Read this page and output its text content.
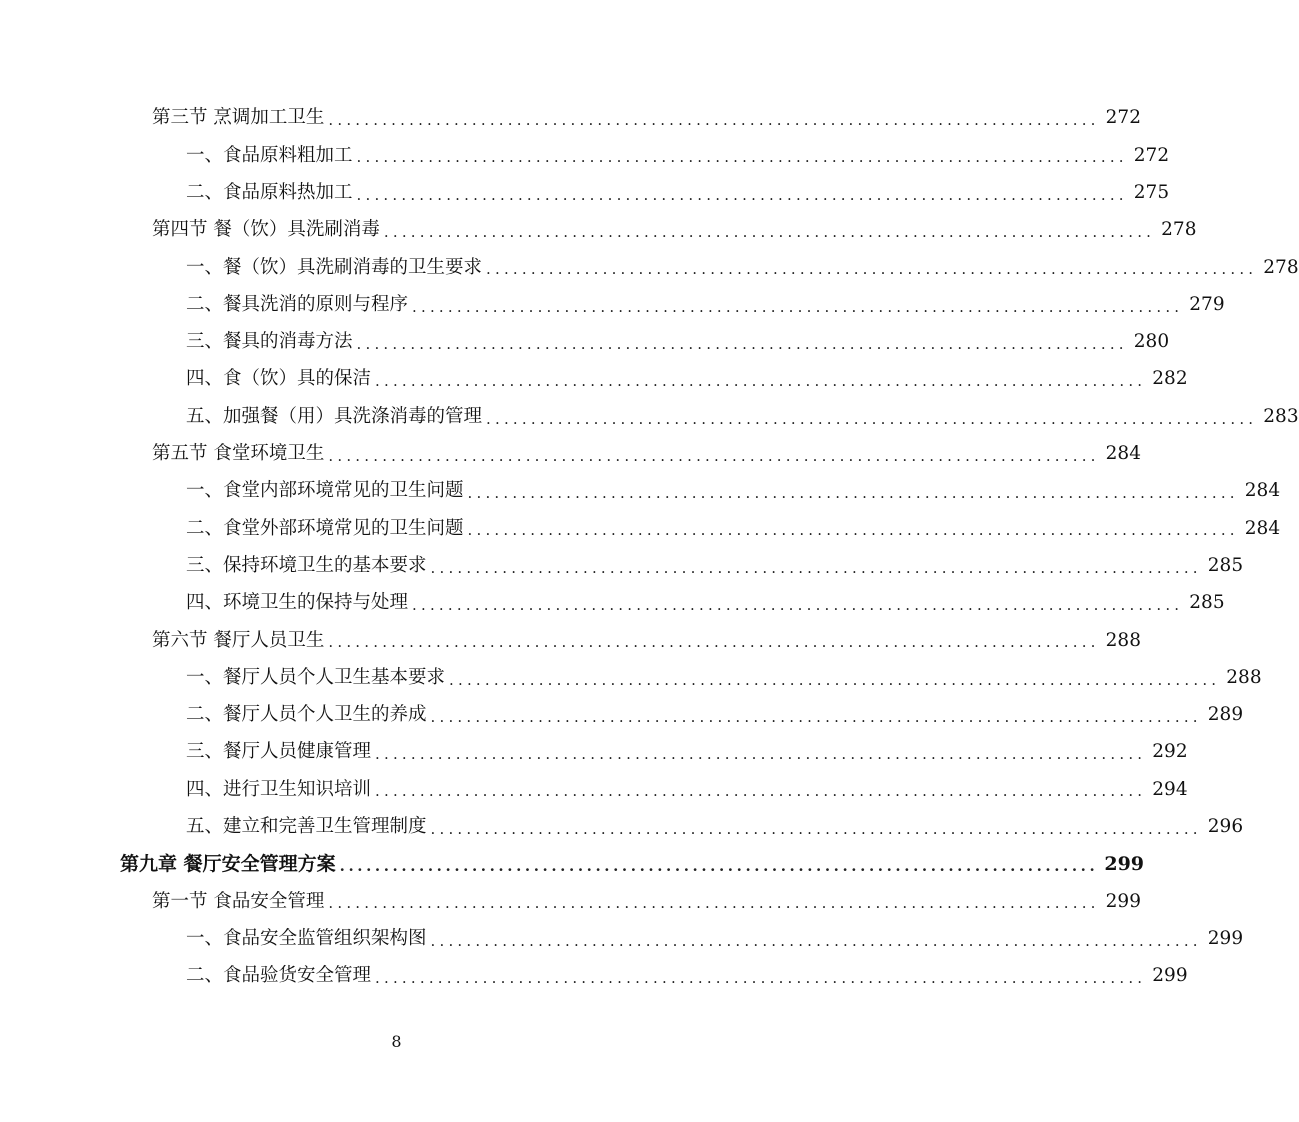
第三节 烹调加工卫生 ...................................................................................... 272
一、食品原料粗加工 ...................................................................................... 272
二、食品原料热加工 ...................................................................................... 275
第四节 餐（饮）具洗刷消毒 ...................................................................................... 278
一、餐（饮）具洗刷消毒的卫生要求 ...................................................................................... 278
二、餐具洗消的原则与程序 ...................................................................................... 279
三、餐具的消毒方法 ...................................................................................... 280
四、食（饮）具的保洁 ...................................................................................... 282
五、加强餐（用）具洗涤消毒的管理 ...................................................................................... 283
第五节 食堂环境卫生 ...................................................................................... 284
一、食堂内部环境常见的卫生问题 ...................................................................................... 284
二、食堂外部环境常见的卫生问题 ...................................................................................... 284
三、保持环境卫生的基本要求 ...................................................................................... 285
四、环境卫生的保持与处理 ...................................................................................... 285
第六节 餐厅人员卫生 ...................................................................................... 288
一、餐厅人员个人卫生基本要求 ...................................................................................... 288
二、餐厅人员个人卫生的养成 ...................................................................................... 289
三、餐厅人员健康管理 ...................................................................................... 292
四、进行卫生知识培训 ...................................................................................... 294
五、建立和完善卫生管理制度 ...................................................................................... 296
第九章 餐厅安全管理方案 ...................................................................................... 299
第一节 食品安全管理 ...................................................................................... 299
一、食品安全监管组织架构图 ...................................................................................... 299
二、食品验货安全管理 ...................................................................................... 299
8
